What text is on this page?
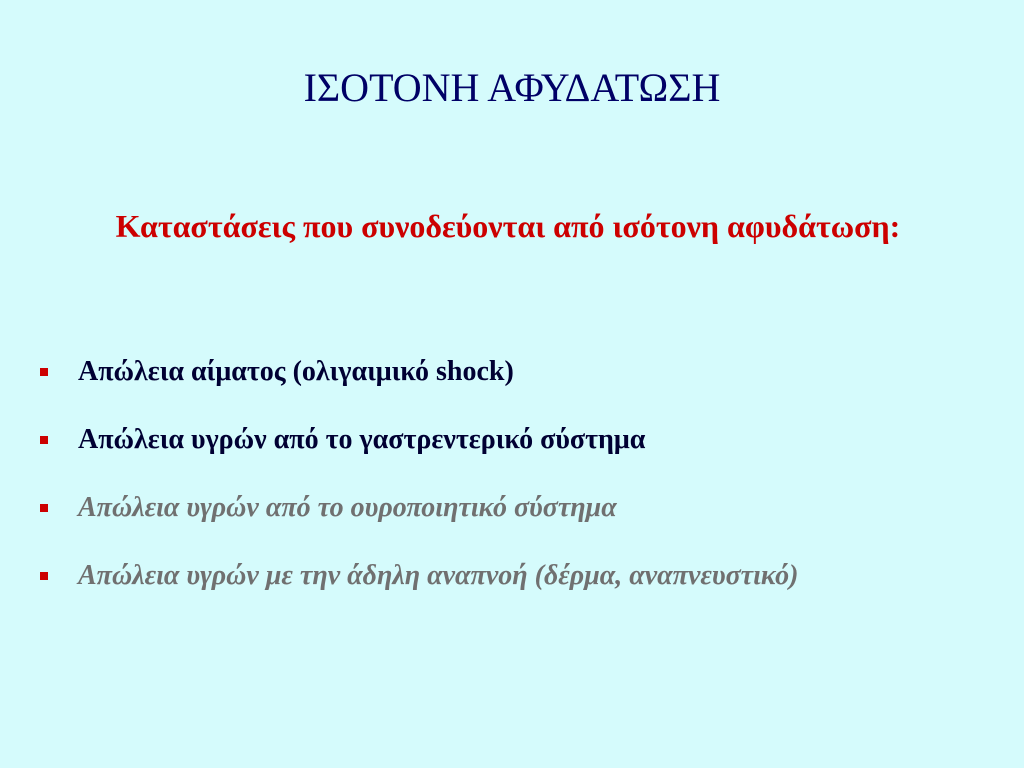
ΙΣΟΤΟΝΗ ΑΦΥΔΑΤΩΣΗ

Καταστάσεις που συνοδεύονται από ισότονη αφυδάτωση:

Απώλεια αίματος (ολιγαιμικό shock)
Απώλεια υγρών από το γαστρεντερικό σύστημα
Απώλεια υγρών από το ουροποιητικό σύστημα
Απώλεια υγρών με την άδηλη αναπνοή (δέρμα, αναπνευστικό)
